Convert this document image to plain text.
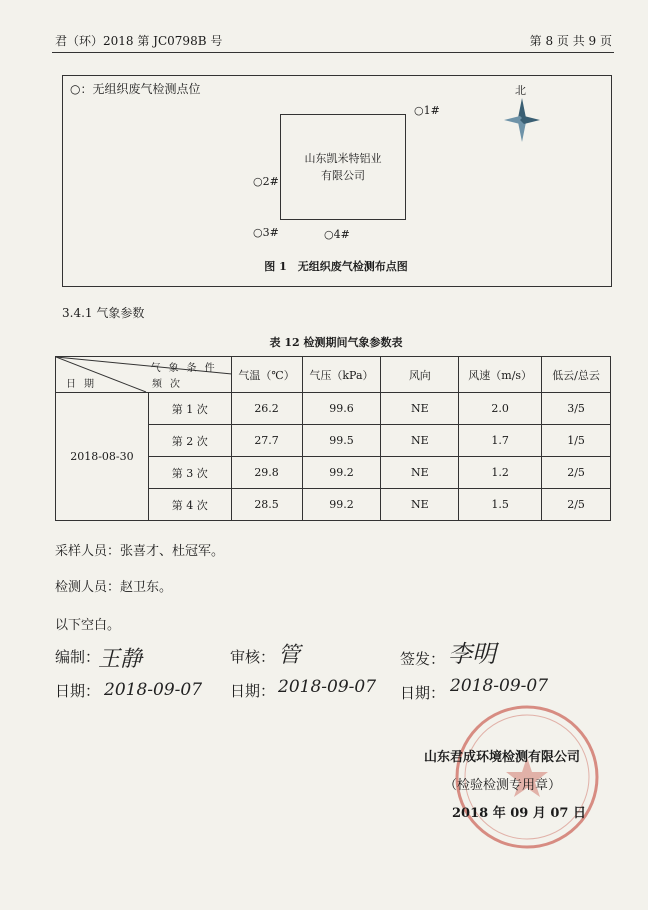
君（环）2018 第 JC0798B 号	第 8 页 共 9 页
○：无组织废气检测点位
山东凯米特铝业
有限公司
○1#
○2#
○3#	○4#
北
图 1　无组织废气检测布点图
3.4.1 气象参数
表 12 检测期间气象参数表
气象条件
日期 频次		气温（℃）	气压（kPa）	风向	风速（m/s）	低云/总云
2018-08-30	第 1 次	26.2	99.6	NE	2.0	3/5
	第 2 次	27.7	99.5	NE	1.7	1/5
	第 3 次	29.8	99.2	NE	1.2	2/5
	第 4 次	28.5	99.2	NE	1.5	2/5
采样人员：张喜才、杜冠军。
检测人员：赵卫东。
以下空白。
编制：
王静	审核： 管	签发： 李明
日期： 2018-09-07 日期： 2018-09-07 日期： 2018-09-07
山东君成环境检测有限公司
（检验检测专用章）
2018 年 09 月 07 日
